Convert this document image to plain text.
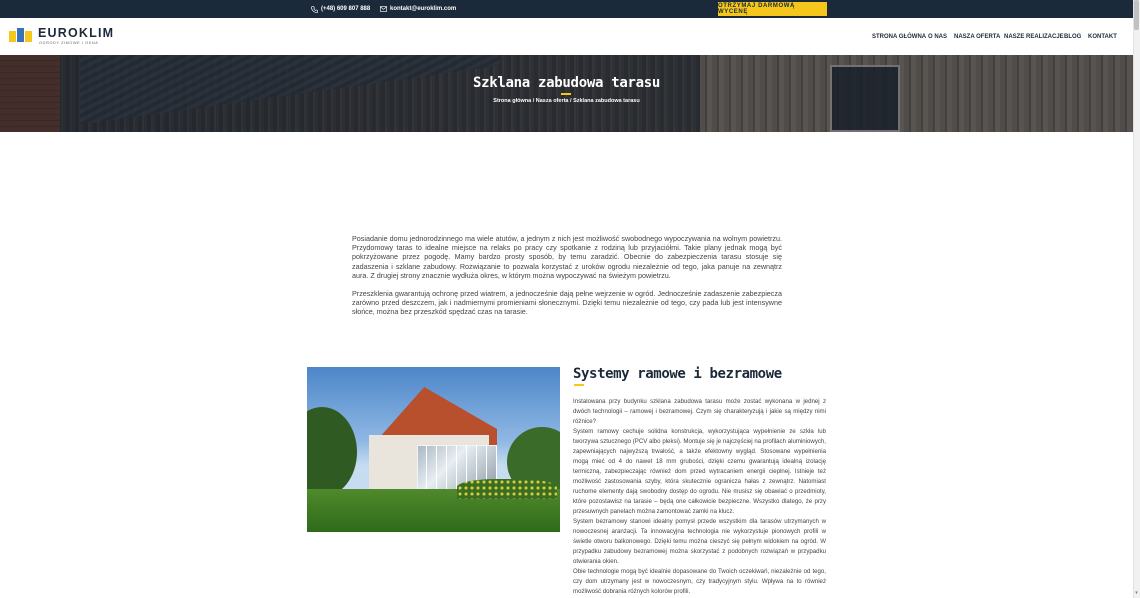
(+48) 609 807 888	kontakt@euroklim.com	OTRZYMAJ DARMOWĄ WYCENĘ
EUROKLIM
OGRODY ZIMOWE I OKNA
STRONA GŁÓWNA O NAS NASZA OFERTA NASZE REALIZACJE BLOG KONTAKT
Szklana zabudowa tarasu
Strona główna / Nasza oferta / Szklana zabudowa tarasu

Posiadanie domu jednorodzinnego ma wiele atutów, a jednym z nich jest możliwość swobodnego wypoczywania na wolnym powietrzu. Przydomowy taras to idealne miejsce na relaks po pracy czy spotkanie z rodziną lub przyjaciółmi. Takie plany jednak mogą być pokrzyżowane przez pogodę. Mamy bardzo prosty sposób, by temu zaradzić. Obecnie do zabezpieczenia tarasu stosuje się zadaszenia i szklane zabudowy. Rozwiązanie to pozwala korzystać z uroków ogrodu niezależnie od tego, jaka panuje na zewnątrz aura. Z drugiej strony znacznie wydłuża okres, w którym można wypoczywać na świeżym powietrzu.

Przeszklenia gwarantują ochronę przed wiatrem, a jednocześnie dają pełne wejrzenie w ogród. Jednocześnie zadaszenie zabezpiecza zarówno przed deszczem, jak i nadmiernymi promieniami słonecznymi. Dzięki temu niezależnie od tego, czy pada lub jest intensywne słońce, można bez przeszkód spędzać czas na tarasie.

Systemy ramowe i bezramowe
Instalowana przy budynku szklana zabudowa tarasu może zostać wykonana w jednej z dwóch technologii – ramowej i bezramowej. Czym się charakteryzują i jakie są między nimi różnice?
System ramowy cechuje solidna konstrukcja, wykorzystująca wypełnienie ze szkła lub tworzywa sztucznego (PCV albo pleksi). Montuje się je najczęściej na profilach aluminiowych, zapewniających najwyższą trwałość, a także efektowny wygląd. Stosowane wypełnienia mogą mieć od 4 do nawet 18 mm grubości, dzięki czemu gwarantują idealną izolację termiczną, zabezpieczając również dom przed wytracaniem energii cieplnej. Istnieje też możliwość zastosowania szyby, która skutecznie ogranicza hałas z zewnątrz. Natomiast ruchome elementy dają swobodny dostęp do ogrodu. Nie musisz się obawiać o przedmioty, które pozostawisz na tarasie – będą one całkowicie bezpieczne. Wszystko dlatego, że przy przesuwnych panelach można zamontować zamki na klucz.
System bezramowy stanowi idealny pomysł przede wszystkim dla tarasów utrzymanych w nowoczesnej aranżacji. Ta innowacyjna technologia nie wykorzystuje pionowych profili w świetle otworu balkonowego. Dzięki temu można cieszyć się pełnym widokiem na ogród. W przypadku zabudowy bezramowej można skorzystać z podobnych rozwiązań w przypadku otwierania okien.
Obie technologie mogą być idealnie dopasowane do Twoich oczekiwań, niezależnie od tego, czy dom utrzymany jest w nowoczesnym, czy tradycyjnym stylu. Wpływa na to również możliwość dobrania różnych kolorów profili.	▾
